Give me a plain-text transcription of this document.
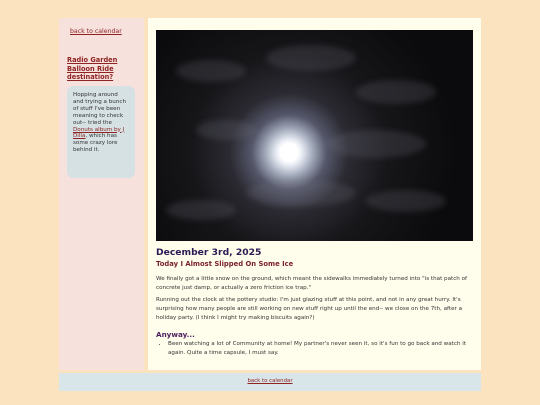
back to calendar
Radio Garden Balloon Ride destination?
Hopping around and trying a bunch of stuff I've been meaning to check out-- tried the Donuts album by J Dilla, which has some crazy lore behind it.
December 3rd, 2025
Today I Almost Slipped On Some Ice

We finally got a little snow on the ground, which meant the sidewalks immediately turned into "is that patch of concrete just damp, or actually a zero friction ice trap."

Running out the clock at the pottery studio: I'm just glazing stuff at this point, and not in any great hurry. It's surprising how many people are still working on new stuff right up until the end-- we close on the 7th, after a holiday party. (I think I might try making biscuits again?)

Anyway...
• Been watching a lot of Community at home! My partner's never seen it, so it's fun to go back and watch it again. Quite a time capsule, I must say.
back to calendar
